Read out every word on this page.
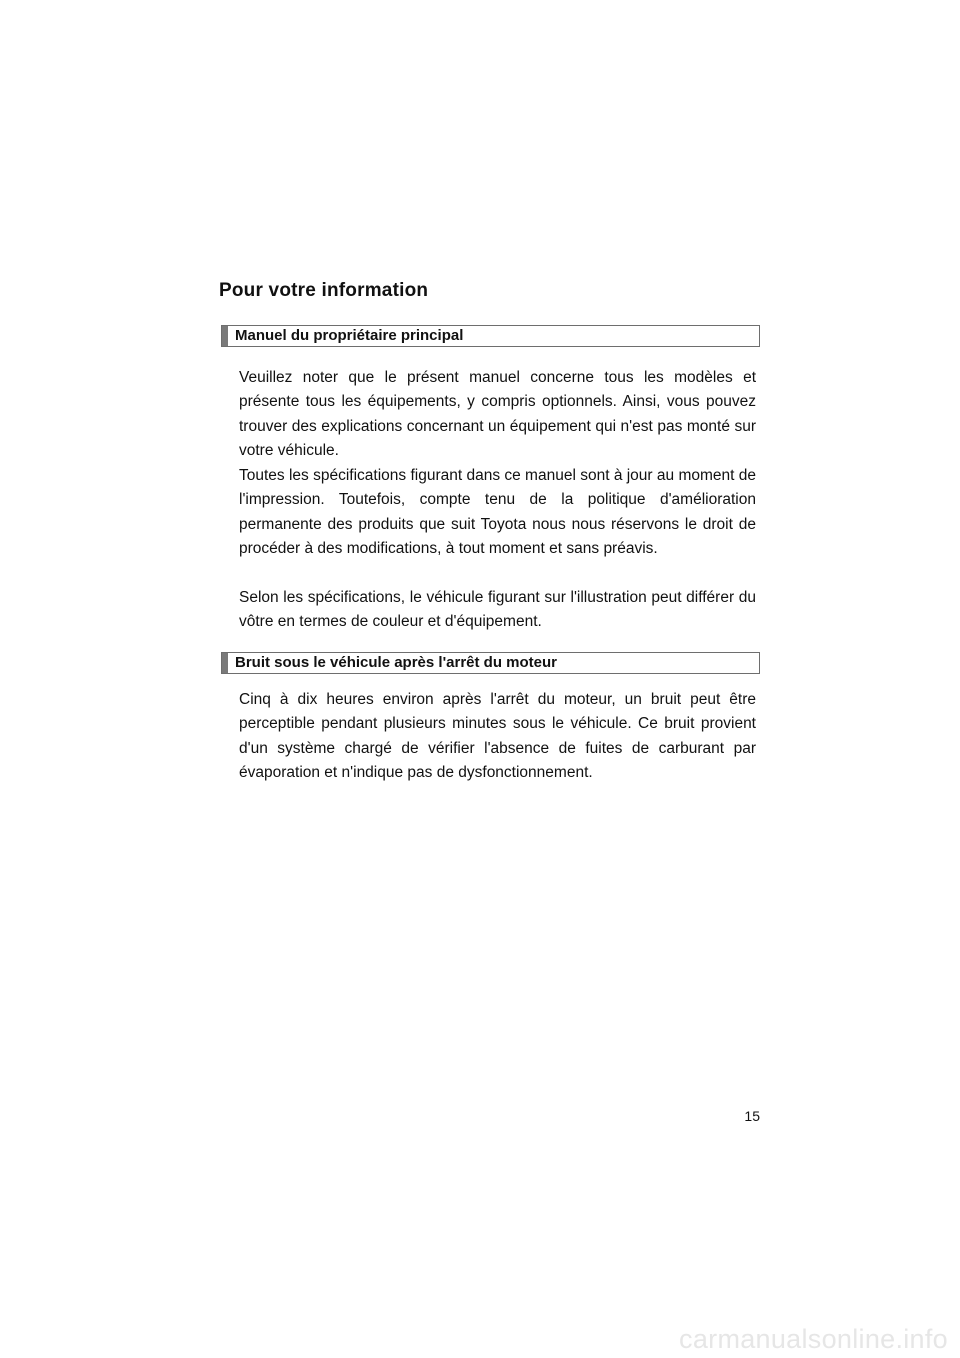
Pour votre information
Manuel du propriétaire principal

Veuillez noter que le présent manuel concerne tous les modèles et présente tous les équipements, y compris optionnels. Ainsi, vous pouvez trouver des explications concernant un équipement qui n'est pas monté sur votre véhicule.

Toutes les spécifications figurant dans ce manuel sont à jour au moment de l'impression. Toutefois, compte tenu de la politique d'amélioration permanente des produits que suit Toyota nous nous réservons le droit de procéder à des modifications, à tout moment et sans préavis.

Selon les spécifications, le véhicule figurant sur l'illustration peut différer du vôtre en termes de couleur et d'équipement.

Bruit sous le véhicule après l'arrêt du moteur

Cinq à dix heures environ après l'arrêt du moteur, un bruit peut être perceptible pendant plusieurs minutes sous le véhicule. Ce bruit provient d'un système chargé de vérifier l'absence de fuites de carburant par évaporation et n'indique pas de dysfonctionnement.

15
carmanualsonline.info
